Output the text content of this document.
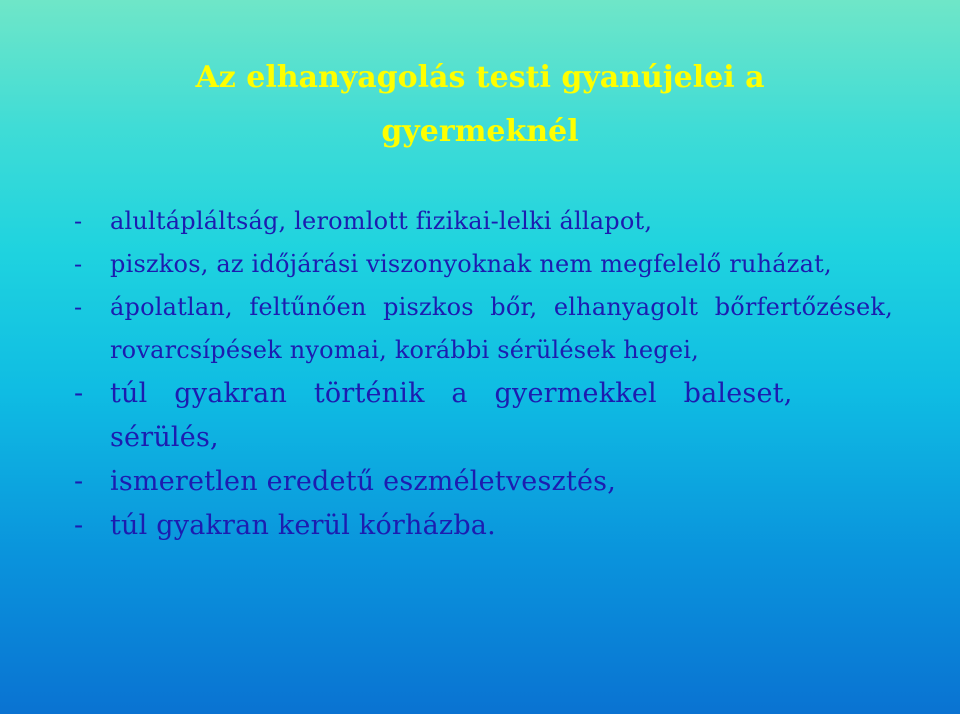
Az elhanyagolás testi gyanújelei a
gyermeknél
- alultápláltság, leromlott fizikai-lelki állapot,
- piszkos, az időjárási viszonyoknak nem megfelelő ruházat,
- ápolatlan, feltűnően piszkos bőr, elhanyagolt bőrfertőzések, rovarcsípések nyomai, korábbi sérülések hegei,
- túl gyakran történik a gyermekkel baleset, sérülés,
- ismeretlen eredetű eszméletvesztés,
- túl gyakran kerül kórházba.
